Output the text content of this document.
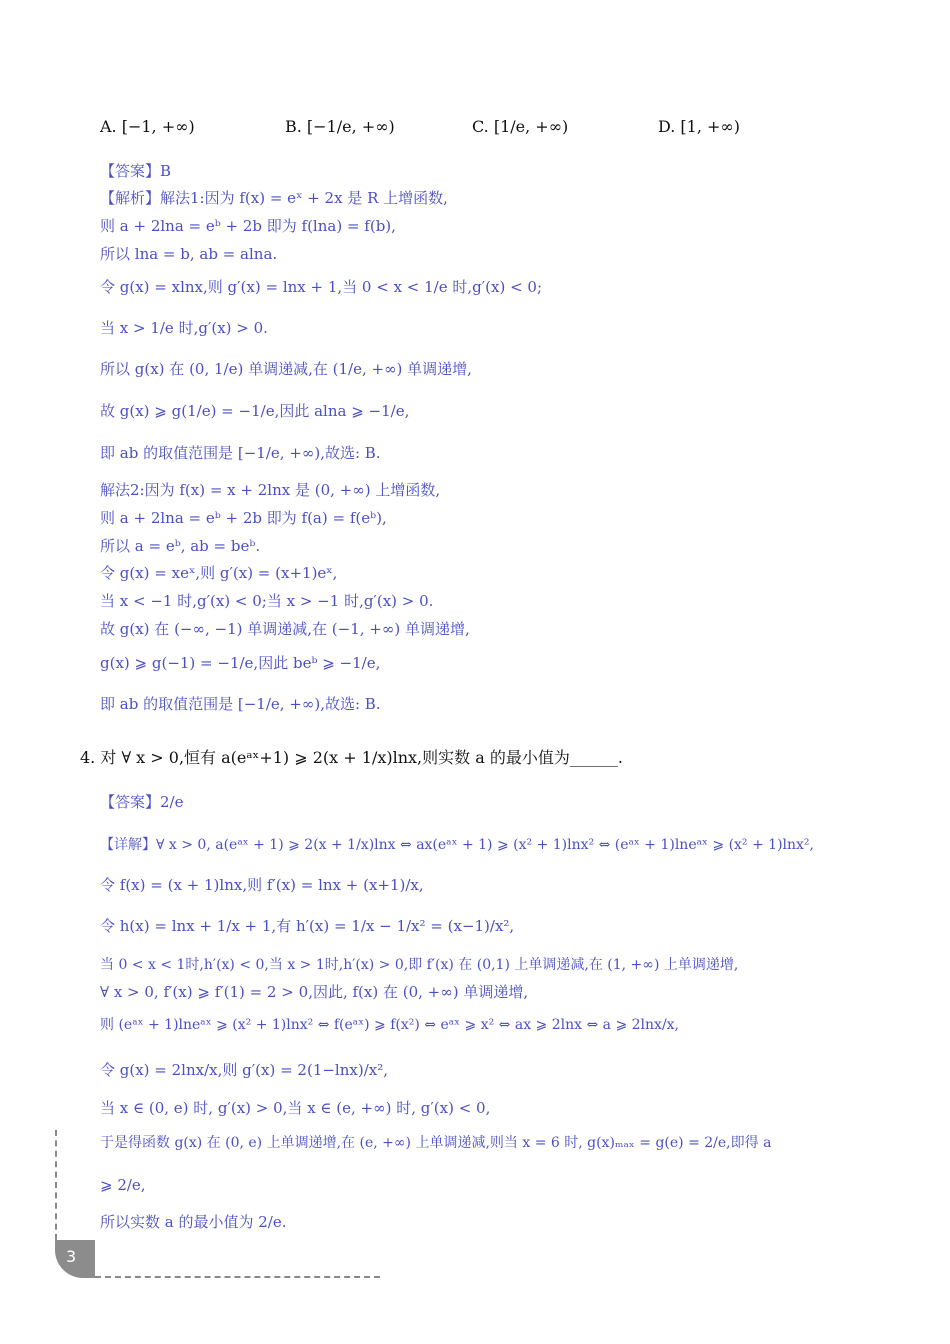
A. [−1, +∞)	B. [−1/e, +∞)	C. [1/e, +∞)	D. [1, +∞)
【答案】B
【解析】解法1:因为 f(x) = eˣ + 2x 是 R 上增函数,
则 a + 2lna = eᵇ + 2b 即为 f(lna) = f(b),
所以 lna = b, ab = alna.
令 g(x) = xlnx,则 g′(x) = lnx + 1,当 0 < x < 1/e 时,g′(x) < 0;
当 x > 1/e 时,g′(x) > 0.
所以 g(x) 在 (0, 1/e) 单调递减,在 (1/e, +∞) 单调递增,
故 g(x) ⩾ g(1/e) = −1/e,因此 alna ⩾ −1/e,
即 ab 的取值范围是 [−1/e, +∞),故选: B.
解法2:因为 f(x) = x + 2lnx 是 (0, +∞) 上增函数,
则 a + 2lna = eᵇ + 2b 即为 f(a) = f(eᵇ),
所以 a = eᵇ, ab = beᵇ.
令 g(x) = xeˣ,则 g′(x) = (x+1)eˣ,
当 x < −1 时,g′(x) < 0;当 x > −1 时,g′(x) > 0.
故 g(x) 在 (−∞, −1) 单调递减,在 (−1, +∞) 单调递增,
g(x) ⩾ g(−1) = −1/e,因此 beᵇ ⩾ −1/e,
即 ab 的取值范围是 [−1/e, +∞),故选: B.
4. 对 ∀ x > 0,恒有 a(eᵃˣ+1) ⩾ 2(x + 1/x)lnx,则实数 a 的最小值为______.
【答案】2/e
【详解】∀ x > 0, a(eᵃˣ + 1) ⩾ 2(x + 1/x)lnx ⇔ ax(eᵃˣ + 1) ⩾ (x² + 1)lnx² ⇔ (eᵃˣ + 1)lneᵃˣ ⩾ (x² + 1)lnx²,
令 f(x) = (x + 1)lnx,则 f′(x) = lnx + (x+1)/x,
令 h(x) = lnx + 1/x + 1,有 h′(x) = 1/x − 1/x² = (x−1)/x²,
当 0 < x < 1时,h′(x) < 0,当 x > 1时,h′(x) > 0,即 f′(x) 在 (0,1) 上单调递减,在 (1, +∞) 上单调递增,
∀ x > 0, f′(x) ⩾ f′(1) = 2 > 0,因此, f(x) 在 (0, +∞) 单调递增,
则 (eᵃˣ + 1)lneᵃˣ ⩾ (x² + 1)lnx² ⇔ f(eᵃˣ) ⩾ f(x²) ⇔ eᵃˣ ⩾ x² ⇔ ax ⩾ 2lnx ⇔ a ⩾ 2lnx/x,
令 g(x) = 2lnx/x,则 g′(x) = 2(1−lnx)/x²,
当 x ∈ (0, e) 时, g′(x) > 0,当 x ∈ (e, +∞) 时, g′(x) < 0,
于是得函数 g(x) 在 (0, e) 上单调递增,在 (e, +∞) 上单调递减,则当 x = 6 时, g(x)ₘₐₓ = g(e) = 2/e,即得 a
⩾ 2/e,
所以实数 a 的最小值为 2/e.
3
